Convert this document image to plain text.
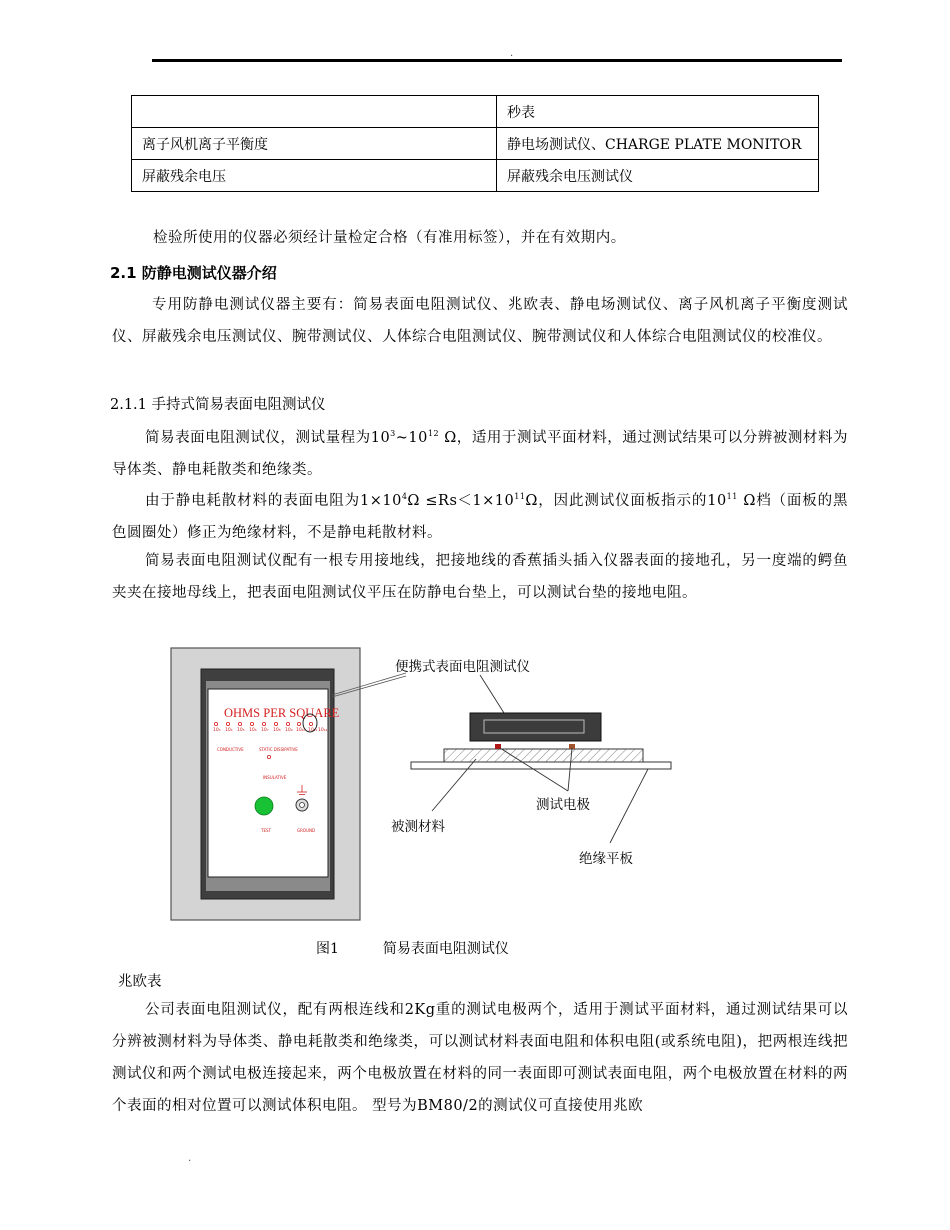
.
	秒表
离子风机离子平衡度	静电场测试仪、CHARGE PLATE MONITOR
屏蔽残余电压	屏蔽残余电压测试仪
检验所使用的仪器必须经计量检定合格（有准用标签），并在有效期内。
2.1 防静电测试仪器介绍
专用防静电测试仪器主要有：简易表面电阻测试仪、兆欧表、静电场测试仪、离子风机离子平衡度测试仪、屏蔽残余电压测试仪、腕带测试仪、人体综合电阻测试仪、腕带测试仪和人体综合电阻测试仪的校准仪。
2.1.1 手持式简易表面电阻测试仪
简易表面电阻测试仪，测试量程为$10^3\sim 10^{12}$ Ω，适用于测试平面材料，通过测试结果可以分辨被测材料为导体类、静电耗散类和绝缘类。
由于静电耗散材料的表面电阻为$1\times 10^4\Omega \le Rs<1\times 10^{11}\Omega$，因此测试仪面板指示的$10^{11}$ Ω档（面板的黑色圆圈处）修正为绝缘材料，不是静电耗散材料。
简易表面电阻测试仪配有一根专用接地线，把接地线的香蕉插头插入仪器表面的接地孔，另一度端的鳄鱼夹夹在接地母线上，把表面电阻测试仪平压在防静电台垫上，可以测试台垫的接地电阻。
OHMS PER SQUARE
10₃ 10₄ 10₅ 10₆ 10₇ 10₈ 10₉ 10₁₀ 10₁₁ 10₁₂
CONDUCTIVE	STATIC DISSIPATIVE
INSULATIVE
TEST	GROUND
便携式表面电阻测试仪
测试电极
被测材料
绝缘平板
图1	简易表面电阻测试仪
兆欧表
公司表面电阻测试仪，配有两根连线和2Kg重的测试电极两个，适用于测试平面材料，通过测试结果可以分辨被测材料为导体类、静电耗散类和绝缘类，可以测试材料表面电阻和体积电阻(或系统电阻)，把两根连线把测试仪和两个测试电极连接起来，两个电极放置在材料的同一表面即可测试表面电阻，两个电极放置在材料的两个表面的相对位置可以测试体积电阻。 型号为BM80/2的测试仪可直接使用兆欧
.
